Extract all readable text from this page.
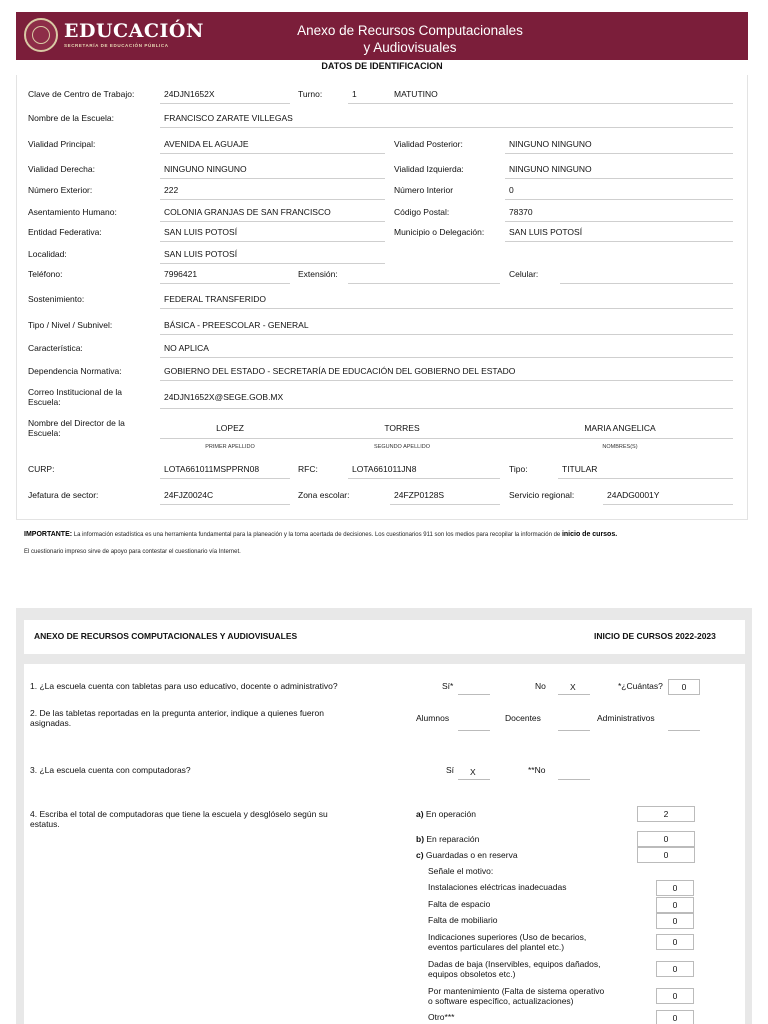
EDUCACIÓN
SECRETARÍA DE EDUCACIÓN PÚBLICA
Anexo de Recursos Computacionales
y Audiovisuales
DATOS DE IDENTIFICACION
Clave de Centro de Trabajo:	24DJN1652X	Turno:	1	MATUTINO
Nombre de la Escuela:	FRANCISCO ZARATE VILLEGAS
Vialidad Principal:	AVENIDA EL AGUAJE	Vialidad Posterior:	NINGUNO NINGUNO
Vialidad Derecha:	NINGUNO NINGUNO	Vialidad Izquierda:	NINGUNO NINGUNO
Número Exterior:	222	Número Interior	0
Asentamiento Humano:	COLONIA GRANJAS DE SAN FRANCISCO	Código Postal:	78370
Entidad Federativa:	SAN LUIS POTOSÍ	Municipio o Delegación:	SAN LUIS POTOSÍ
Localidad:	SAN LUIS POTOSÍ
Teléfono:	7996421	Extensión:	Celular:
Sostenimiento:	FEDERAL TRANSFERIDO
Tipo / Nivel / Subnivel:	BÁSICA - PREESCOLAR - GENERAL
Característica:	NO APLICA
Dependencia Normativa:	GOBIERNO DEL ESTADO - SECRETARÍA DE EDUCACIÓN DEL GOBIERNO DEL ESTADO
Correo Institucional de la
Escuela:	24DJN1652X@SEGE.GOB.MX
Nombre del Director de la
Escuela:	LOPEZ	TORRES	MARIA ANGELICA
PRIMER APELLIDO	SEGUNDO APELLIDO	NOMBRES(S)
CURP:	LOTA661011MSPPRN08	RFC:	LOTA661011JN8	Tipo:	TITULAR
Jefatura de sector:	24FJZ0024C	Zona escolar:	24FZP0128S	Servicio regional:	24ADG0001Y
IMPORTANTE: La información estadística es una herramienta fundamental para la planeación y la toma acertada de decisiones. Los cuestionarios 911 son los medios para recopilar la información de inicio de cursos.
El cuestionario impreso sirve de apoyo para contestar el cuestionario vía Internet.
ANEXO DE RECURSOS COMPUTACIONALES Y AUDIOVISUALES	INICIO DE CURSOS 2022-2023
1. ¿La escuela cuenta con tabletas para uso educativo, docente o administrativo?	Sí*	No	X	*¿Cuántas?	0
2. De las tabletas reportadas en la pregunta anterior, indique a quienes fueron
asignadas.	Alumnos	Docentes	Administrativos
3. ¿La escuela cuenta con computadoras?	Sí X	**No
4. Escriba el total de computadoras que tiene la escuela y desglóselo según su
estatus.
a) En operación	2
b) En reparación	0
c) Guardadas o en reserva	0
Señale el motivo:
Instalaciones eléctricas inadecuadas	0
Falta de espacio	0
Falta de mobiliario	0
Indicaciones superiores (Uso de becarios,
eventos particulares del plantel etc.)	0
Dadas de baja (Inservibles, equipos dañados,
equipos obsoletos etc.)	0
Por mantenimiento (Falta de sistema operativo
o software específico, actualizaciones)	0
Otro***	0
